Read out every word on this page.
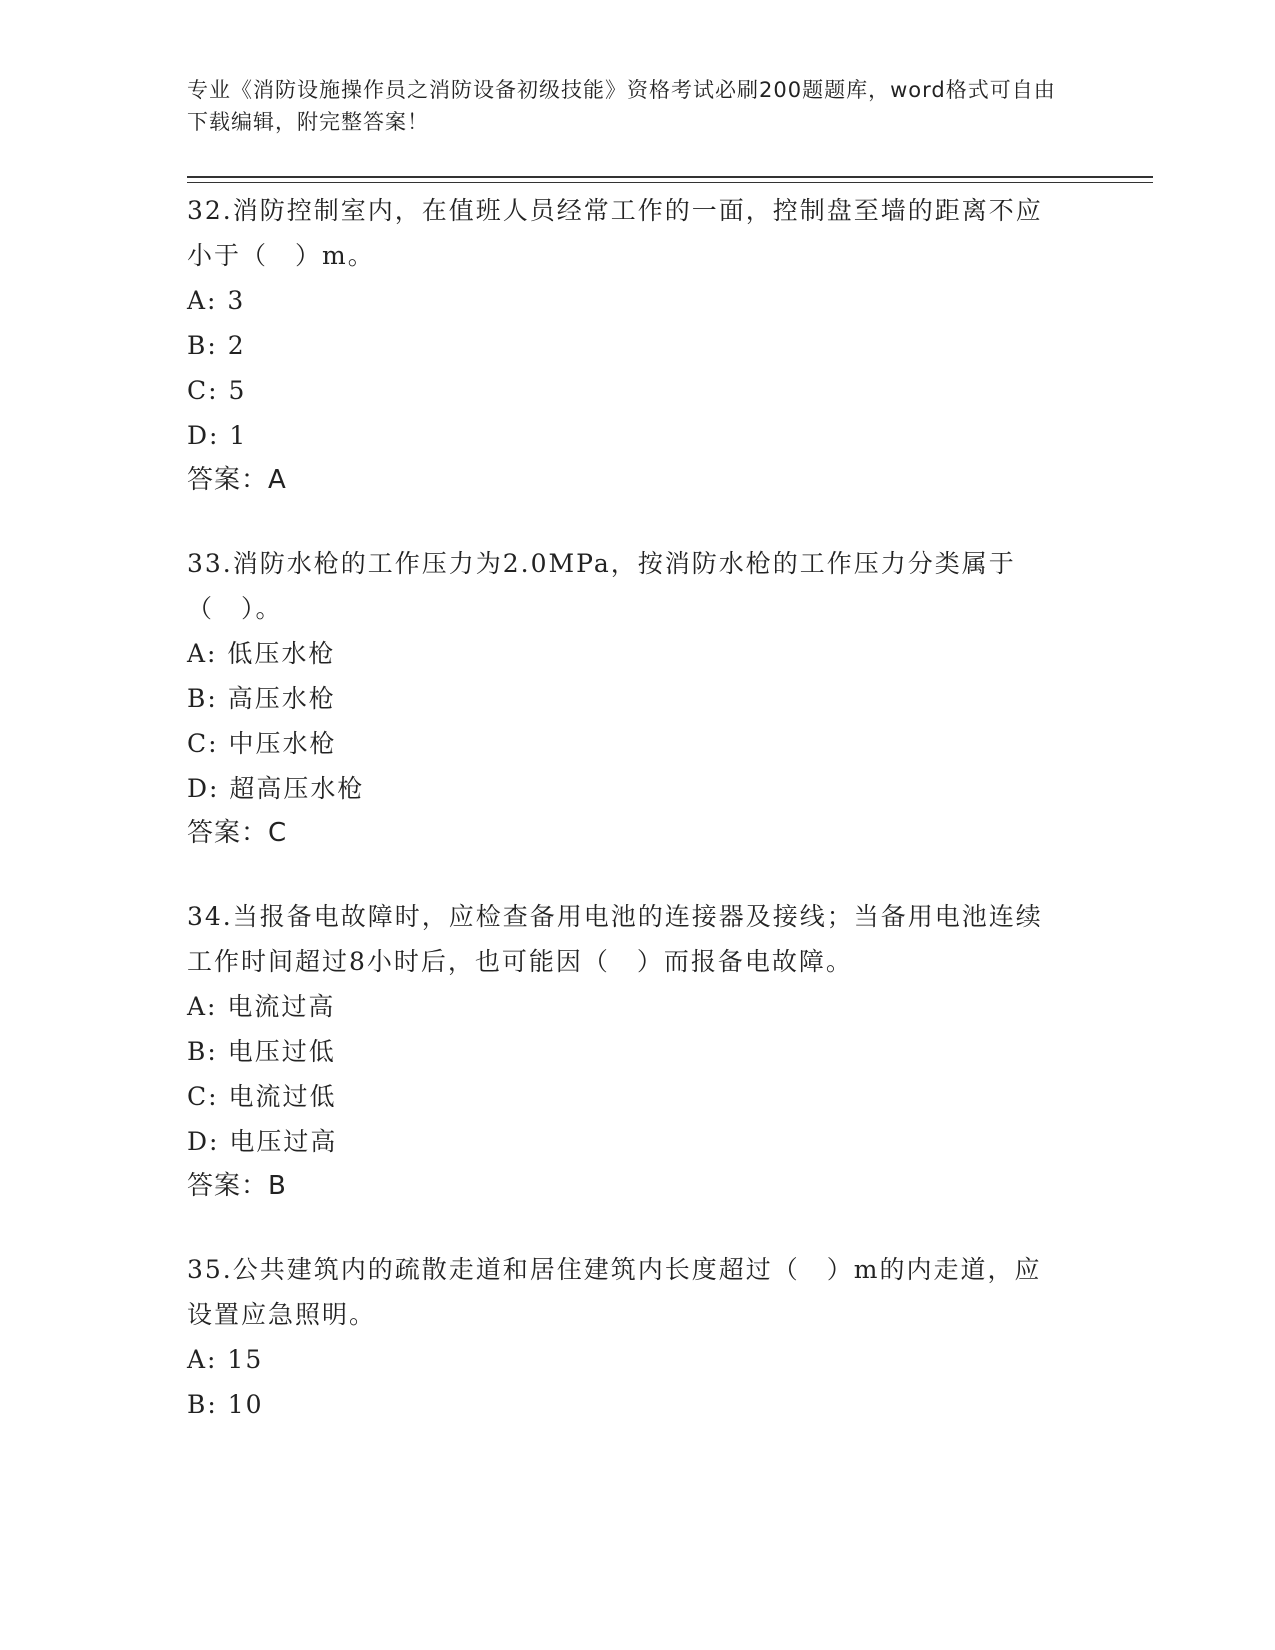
专业《消防设施操作员之消防设备初级技能》资格考试必刷200题题库，word格式可自由下载编辑，附完整答案！
32.消防控制室内，在值班人员经常工作的一面，控制盘至墙的距离不应小于（　）m。
A: 3
B: 2
C: 5
D: 1
答案：A
33.消防水枪的工作压力为2.0MPa，按消防水枪的工作压力分类属于（　）。
A: 低压水枪
B: 高压水枪
C: 中压水枪
D: 超高压水枪
答案：C
34.当报备电故障时，应检查备用电池的连接器及接线；当备用电池连续工作时间超过8小时后，也可能因（　）而报备电故障。
A: 电流过高
B: 电压过低
C: 电流过低
D: 电压过高
答案：B
35.公共建筑内的疏散走道和居住建筑内长度超过（　）m的内走道，应设置应急照明。
A: 15
B: 10
